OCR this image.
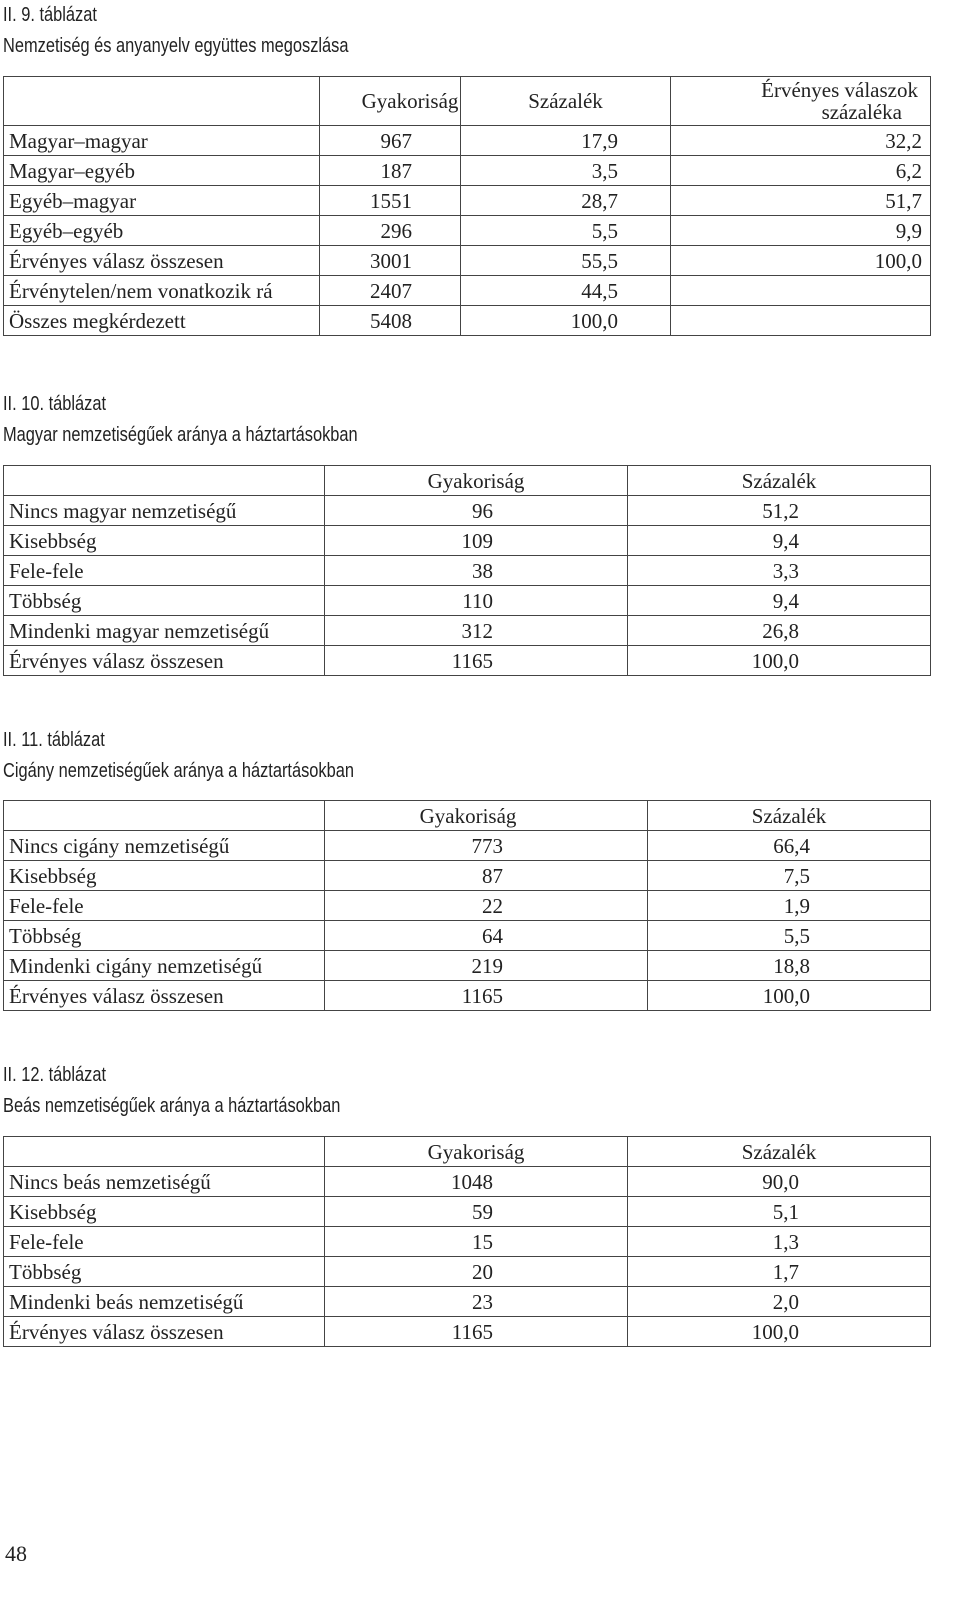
II. 9. táblázat
Nemzetiség és anyanyelv együttes megoszlása
	Gyakoriság	Százalék	Érvényes válaszok
százaléka

Magyar–magyar	967	17,9	32,2
Magyar–egyéb	187	3,5	6,2
Egyéb–magyar	1551	28,7	51,7
Egyéb–egyéb	296	5,5	9,9
Érvényes válasz összesen	3001	55,5	100,0
Érvénytelen/nem vonatkozik rá	2407	44,5	
Összes megkérdezett	5408	100,0	
II. 10. táblázat
Magyar nemzetiségűek aránya a háztartásokban
	Gyakoriság	Százalék
Nincs magyar nemzetiségű	96	51,2
Kisebbség	109	9,4
Fele-fele	38	3,3
Többség	110	9,4
Mindenki magyar nemzetiségű	312	26,8
Érvényes válasz összesen	1165	100,0
II. 11. táblázat
Cigány nemzetiségűek aránya a háztartásokban
	Gyakoriság	Százalék
Nincs cigány nemzetiségű	773	66,4
Kisebbség	87	7,5
Fele-fele	22	1,9
Többség	64	5,5
Mindenki cigány nemzetiségű	219	18,8
Érvényes válasz összesen	1165	100,0
II. 12. táblázat
Beás nemzetiségűek aránya a háztartásokban
	Gyakoriság	Százalék
Nincs beás nemzetiségű	1048	90,0
Kisebbség	59	5,1
Fele-fele	15	1,3
Többség	20	1,7
Mindenki beás nemzetiségű	23	2,0
Érvényes válasz összesen	1165	100,0
48
